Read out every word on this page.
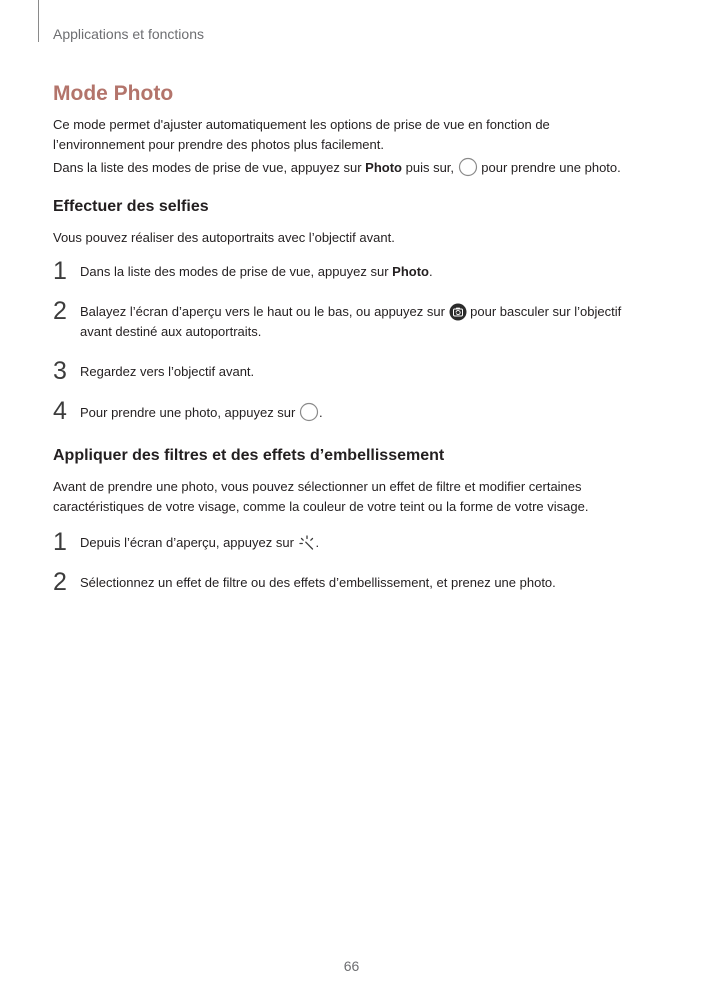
Applications et fonctions
Mode Photo

Ce mode permet d'ajuster automatiquement les options de prise de vue en fonction de l’environnement pour prendre des photos plus facilement.

Dans la liste des modes de prise de vue, appuyez sur Photo puis sur,
pour prendre une photo.

Effectuer des selfies

Vous pouvez réaliser des autoportraits avec l’objectif avant.

1 Dans la liste des modes de prise de vue, appuyez sur Photo.
2 Balayez l’écran d’aperçu vers le haut ou le bas, ou appuyez sur
pour basculer sur l’objectif avant destiné aux autoportraits.
3 Regardez vers l’objectif avant.
4 Pour prendre une photo, appuyez sur
.
Appliquer des filtres et des effets d’embellissement

Avant de prendre une photo, vous pouvez sélectionner un effet de filtre et modifier certaines caractéristiques de votre visage, comme la couleur de votre teint ou la forme de votre visage.

1 Depuis l’écran d’aperçu, appuyez sur
.
2 Sélectionnez un effet de filtre ou des effets d’embellissement, et prenez une photo.
66
